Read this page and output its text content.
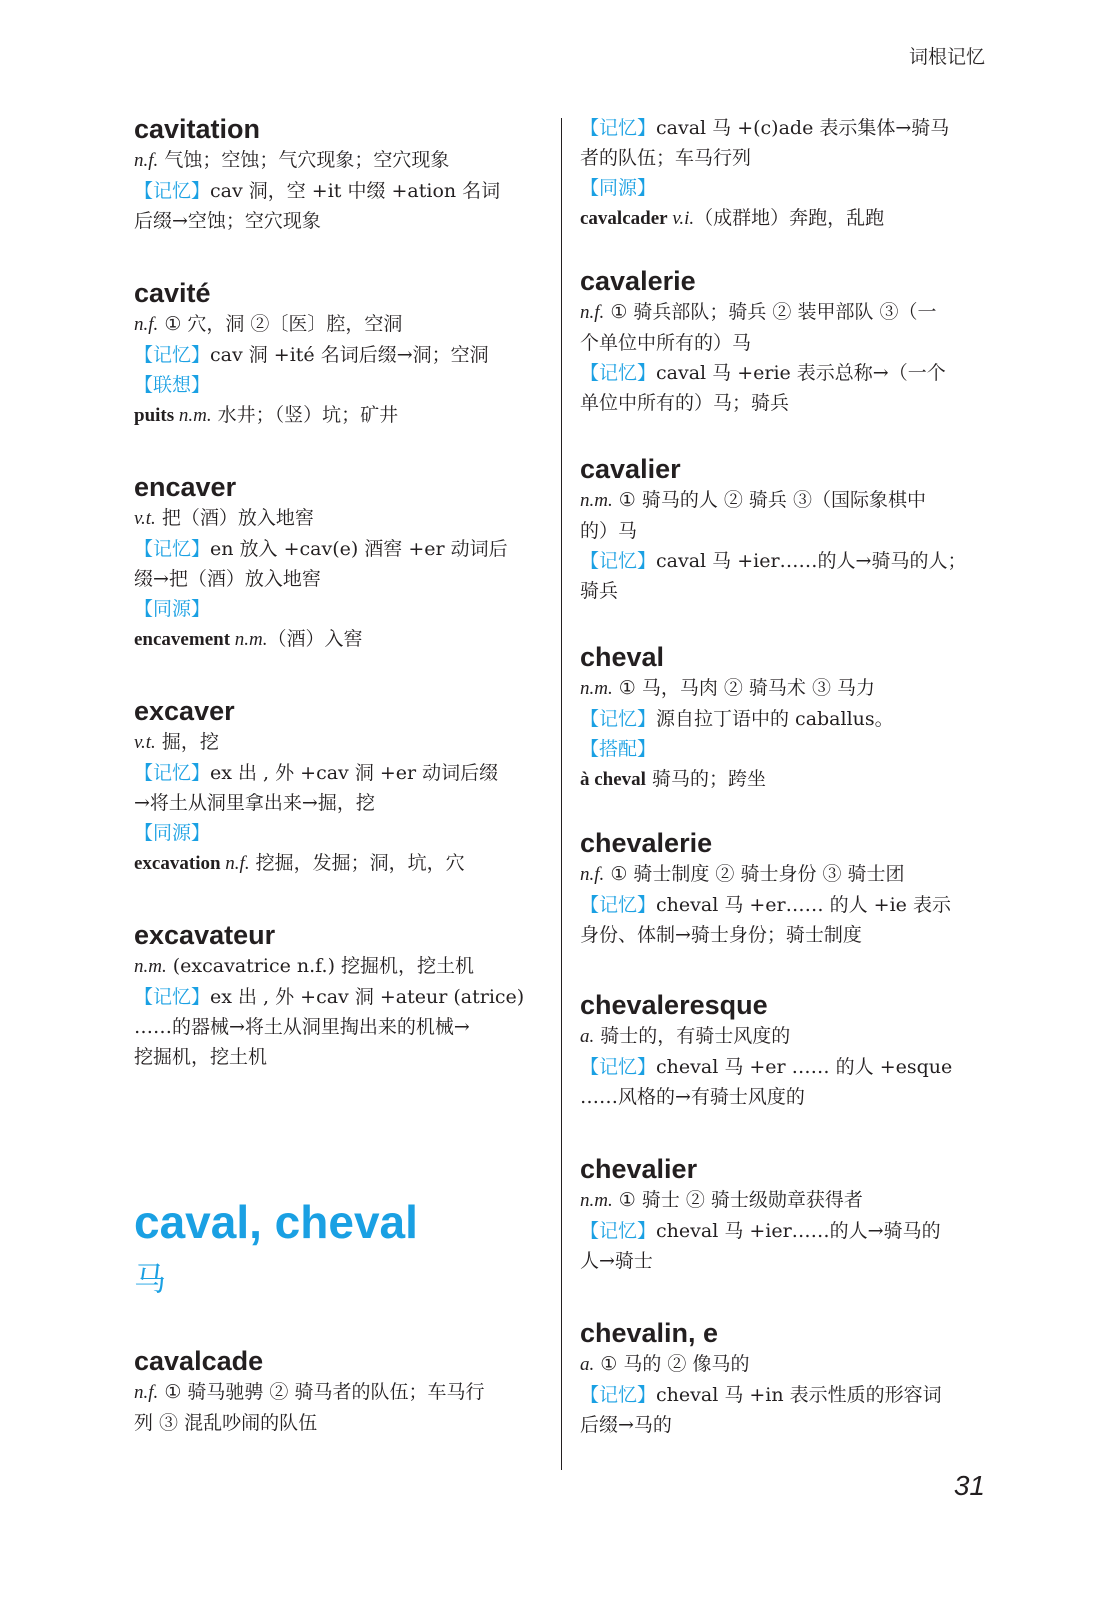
词根记忆

cavitation

n.f. 气蚀；空蚀；气穴现象；空穴现象

【记忆】cav 洞，空 +it 中缀 +ation 名词

后缀→空蚀；空穴现象

cavité

n.f. ① 穴，洞 ②〔医〕腔，空洞

【记忆】cav 洞 +ité 名词后缀→洞；空洞

【联想】

puits n.m. 水井；（竖）坑；矿井

encaver

v.t. 把（酒）放入地窖

【记忆】en 放入 +cav(e) 酒窖 +er 动词后

缀→把（酒）放入地窖

【同源】

encavement n.m.（酒）入窖

excaver

v.t. 掘，挖

【记忆】ex 出 , 外 +cav 洞 +er 动词后缀

→将土从洞里拿出来→掘，挖

【同源】

excavation n.f. 挖掘，发掘；洞，坑，穴

excavateur

n.m. (excavatrice n.f.) 挖掘机，挖土机

【记忆】ex 出 , 外 +cav 洞 +ateur (atrice)

……的器械→将土从洞里掏出来的机械→

挖掘机，挖土机

caval, cheval
马

cavalcade

n.f. ① 骑马驰骋 ② 骑马者的队伍；车马行

列 ③ 混乱吵闹的队伍

【记忆】caval 马 +(c)ade 表示集体→骑马

者的队伍；车马行列

【同源】

cavalcader v.i.（成群地）奔跑，乱跑

cavalerie

n.f. ① 骑兵部队；骑兵 ② 装甲部队 ③（一

个单位中所有的）马

【记忆】caval 马 +erie 表示总称→（一个

单位中所有的）马；骑兵

cavalier

n.m. ① 骑马的人 ② 骑兵 ③（国际象棋中

的）马

【记忆】caval 马 +ier……的人→骑马的人；

骑兵

cheval

n.m. ① 马，马肉 ② 骑马术 ③ 马力

【记忆】源自拉丁语中的 caballus。

【搭配】

à cheval 骑马的；跨坐

chevalerie

n.f. ① 骑士制度 ② 骑士身份 ③ 骑士团

【记忆】cheval 马 +er…… 的人 +ie 表示

身份、体制→骑士身份；骑士制度

chevaleresque

a. 骑士的，有骑士风度的

【记忆】cheval 马 +er …… 的人 +esque

……风格的→有骑士风度的

chevalier

n.m. ① 骑士 ② 骑士级勋章获得者

【记忆】cheval 马 +ier……的人→骑马的

人→骑士

chevalin, e

a. ① 马的 ② 像马的

【记忆】cheval 马 +in 表示性质的形容词

后缀→马的

31
